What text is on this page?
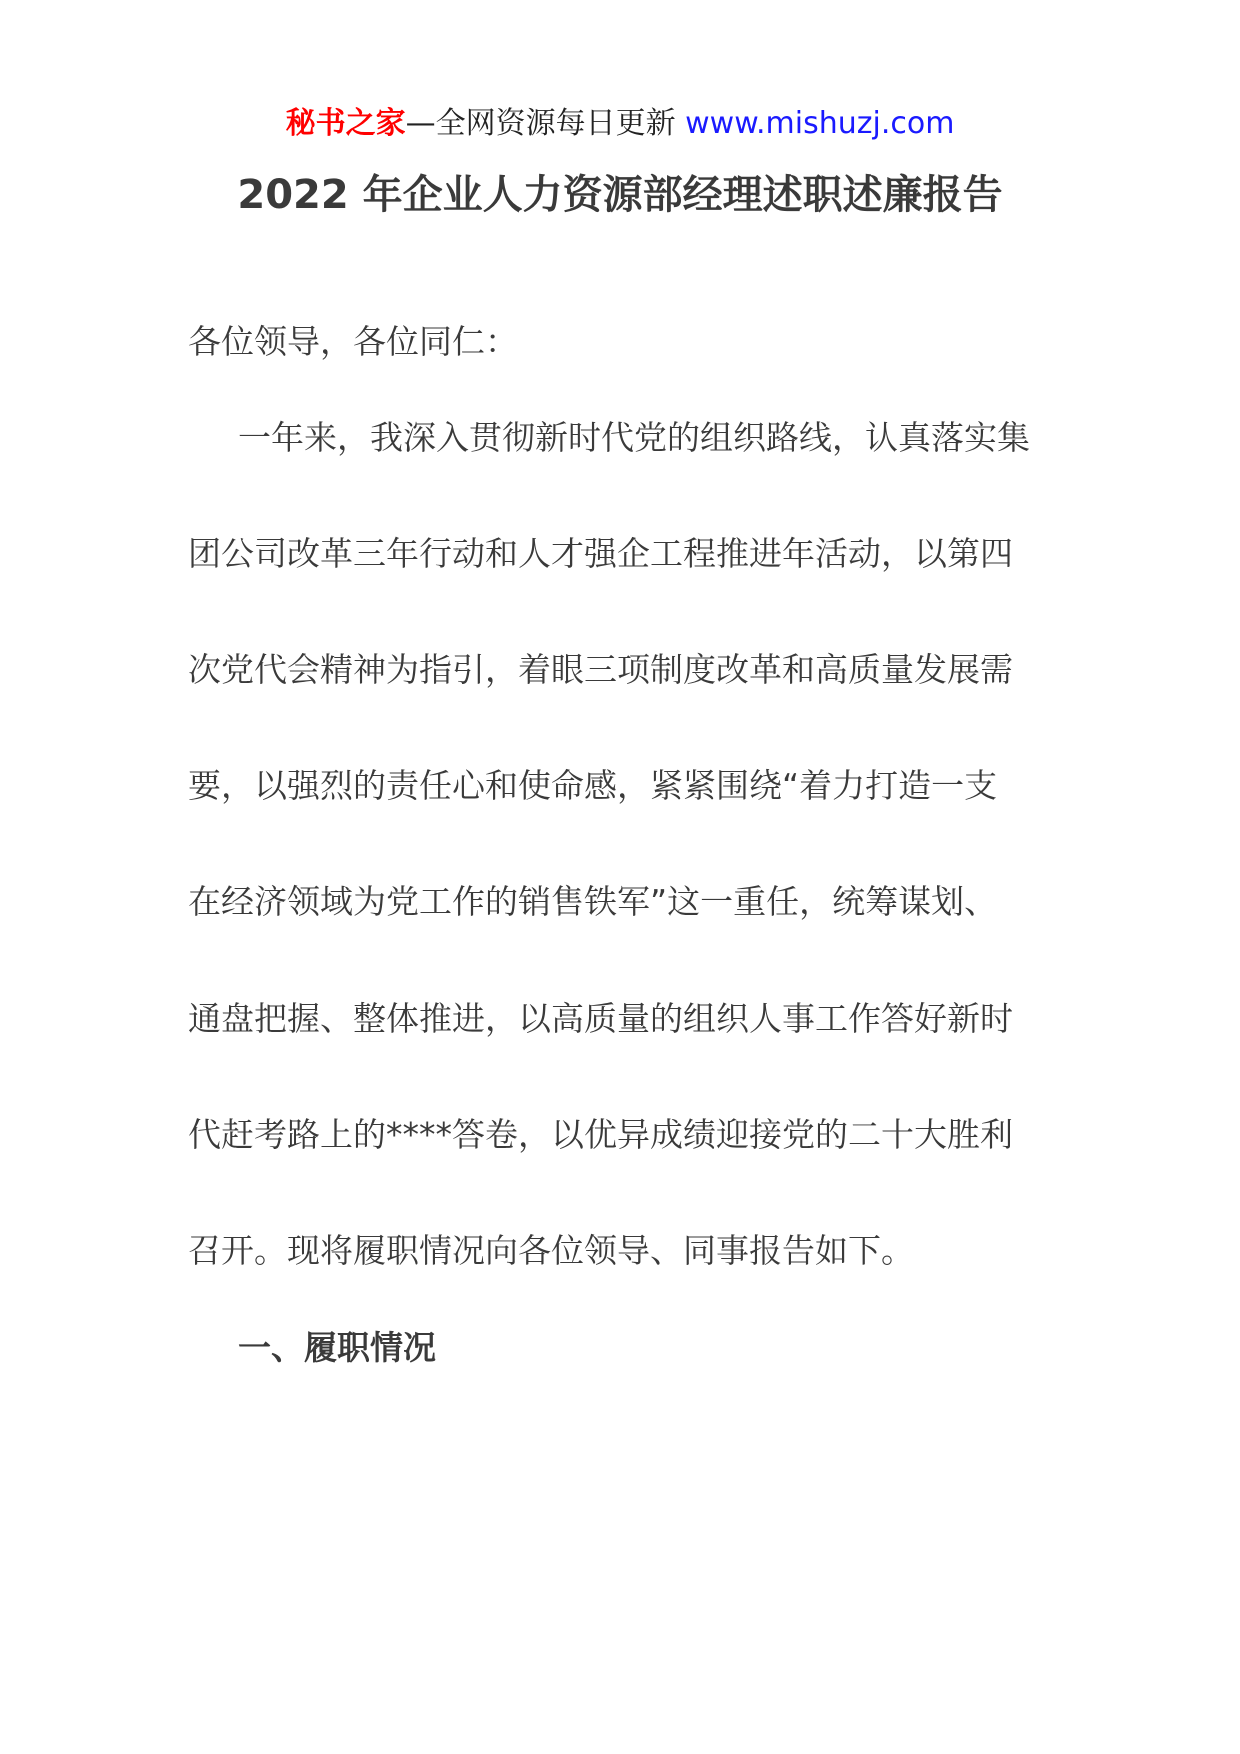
秘书之家—全网资源每日更新 www.mishuzj.com
2022 年企业人力资源部经理述职述廉报告
各位领导，各位同仁：
一年来，我深入贯彻新时代党的组织路线，认真落实集
团公司改革三年行动和人才强企工程推进年活动，以第四
次党代会精神为指引，着眼三项制度改革和高质量发展需
要，以强烈的责任心和使命感，紧紧围绕“着力打造一支
在经济领域为党工作的销售铁军”这一重任，统筹谋划、
通盘把握、整体推进，以高质量的组织人事工作答好新时
代赶考路上的****答卷，以优异成绩迎接党的二十大胜利
召开。现将履职情况向各位领导、同事报告如下。
一、履职情况
